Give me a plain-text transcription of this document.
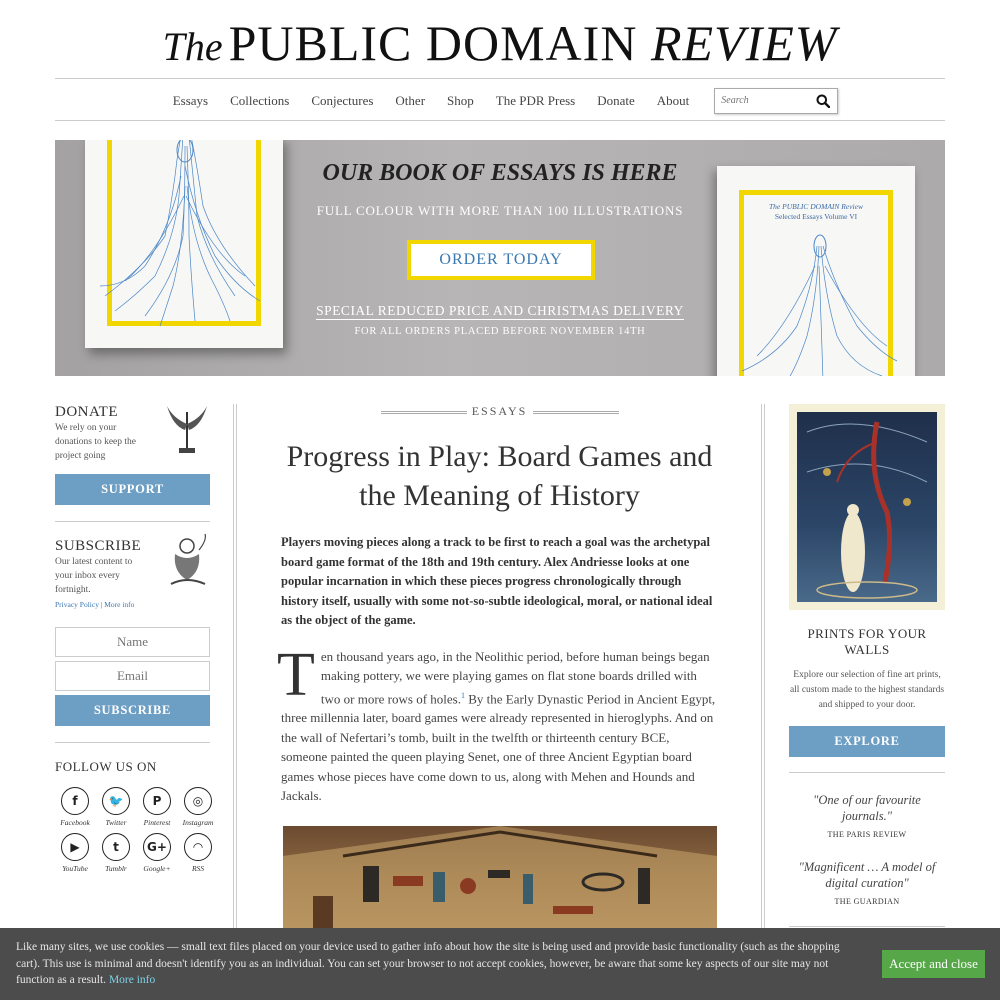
The PUBLIC DOMAIN REVIEW
Essays	Collections	Conjectures	Other	Shop	The PDR Press	Donate	About
Search
OUR BOOK OF ESSAYS IS HERE
FULL COLOUR WITH MORE THAN 100 ILLUSTRATIONS
ORDER TODAY
SPECIAL REDUCED PRICE AND CHRISTMAS DELIVERY
FOR ALL ORDERS PLACED BEFORE NOVEMBER 14TH
The PUBLIC DOMAIN Review
Selected Essays Volume VI
DONATE
We rely on your donations to keep the project going
SUPPORT
SUBSCRIBE
Our latest content to your inbox every fortnight.
Privacy Policy | More info
Name
Email
SUBSCRIBE
FOLLOW US ON
f
Facebook
🐦
Twitter
P
Pinterest
◎
Instagram
▶
YouTube
t
Tumblr
G+
Google+
◠
RSS
ESSAYS
Progress in Play: Board Games and the Meaning of History

Players moving pieces along a track to be first to reach a goal was the archetypal board game format of the 18th and 19th century. Alex Andriesse looks at one popular incarnation in which these pieces progress chronologically through history itself, usually with some not-so-subtle ideological, moral, or national ideal as the object of the game.

Ten thousand years ago, in the Neolithic period, before human beings began making pottery, we were playing games on flat stone boards drilled with two or more rows of holes.$^1$ By the Early Dynastic Period in Ancient Egypt, three millennia later, board games were already represented in hieroglyphs. And on the wall of Nefertari’s tomb, built in the twelfth or thirteenth century BCE, someone painted the queen playing Senet, one of three Ancient Egyptian board games whose pieces have come down to us, along with Mehen and Hounds and Jackals.

PRINTS FOR YOUR WALLS
Explore our selection of fine art prints, all custom made to the highest standards and shipped to your door.
EXPLORE
"One of our favourite journals."
THE PARIS REVIEW
"Magnificent … A model of digital curation"
THE GUARDIAN
Like many sites, we use cookies — small text files placed on your device used to gather info about how the site is being used and provide basic functionality (such as the shopping cart). This use is minimal and doesn't identify you as an individual. You can set your browser to not accept cookies, however, be aware that some key aspects of our site may not function as a result. More info
Accept and close
